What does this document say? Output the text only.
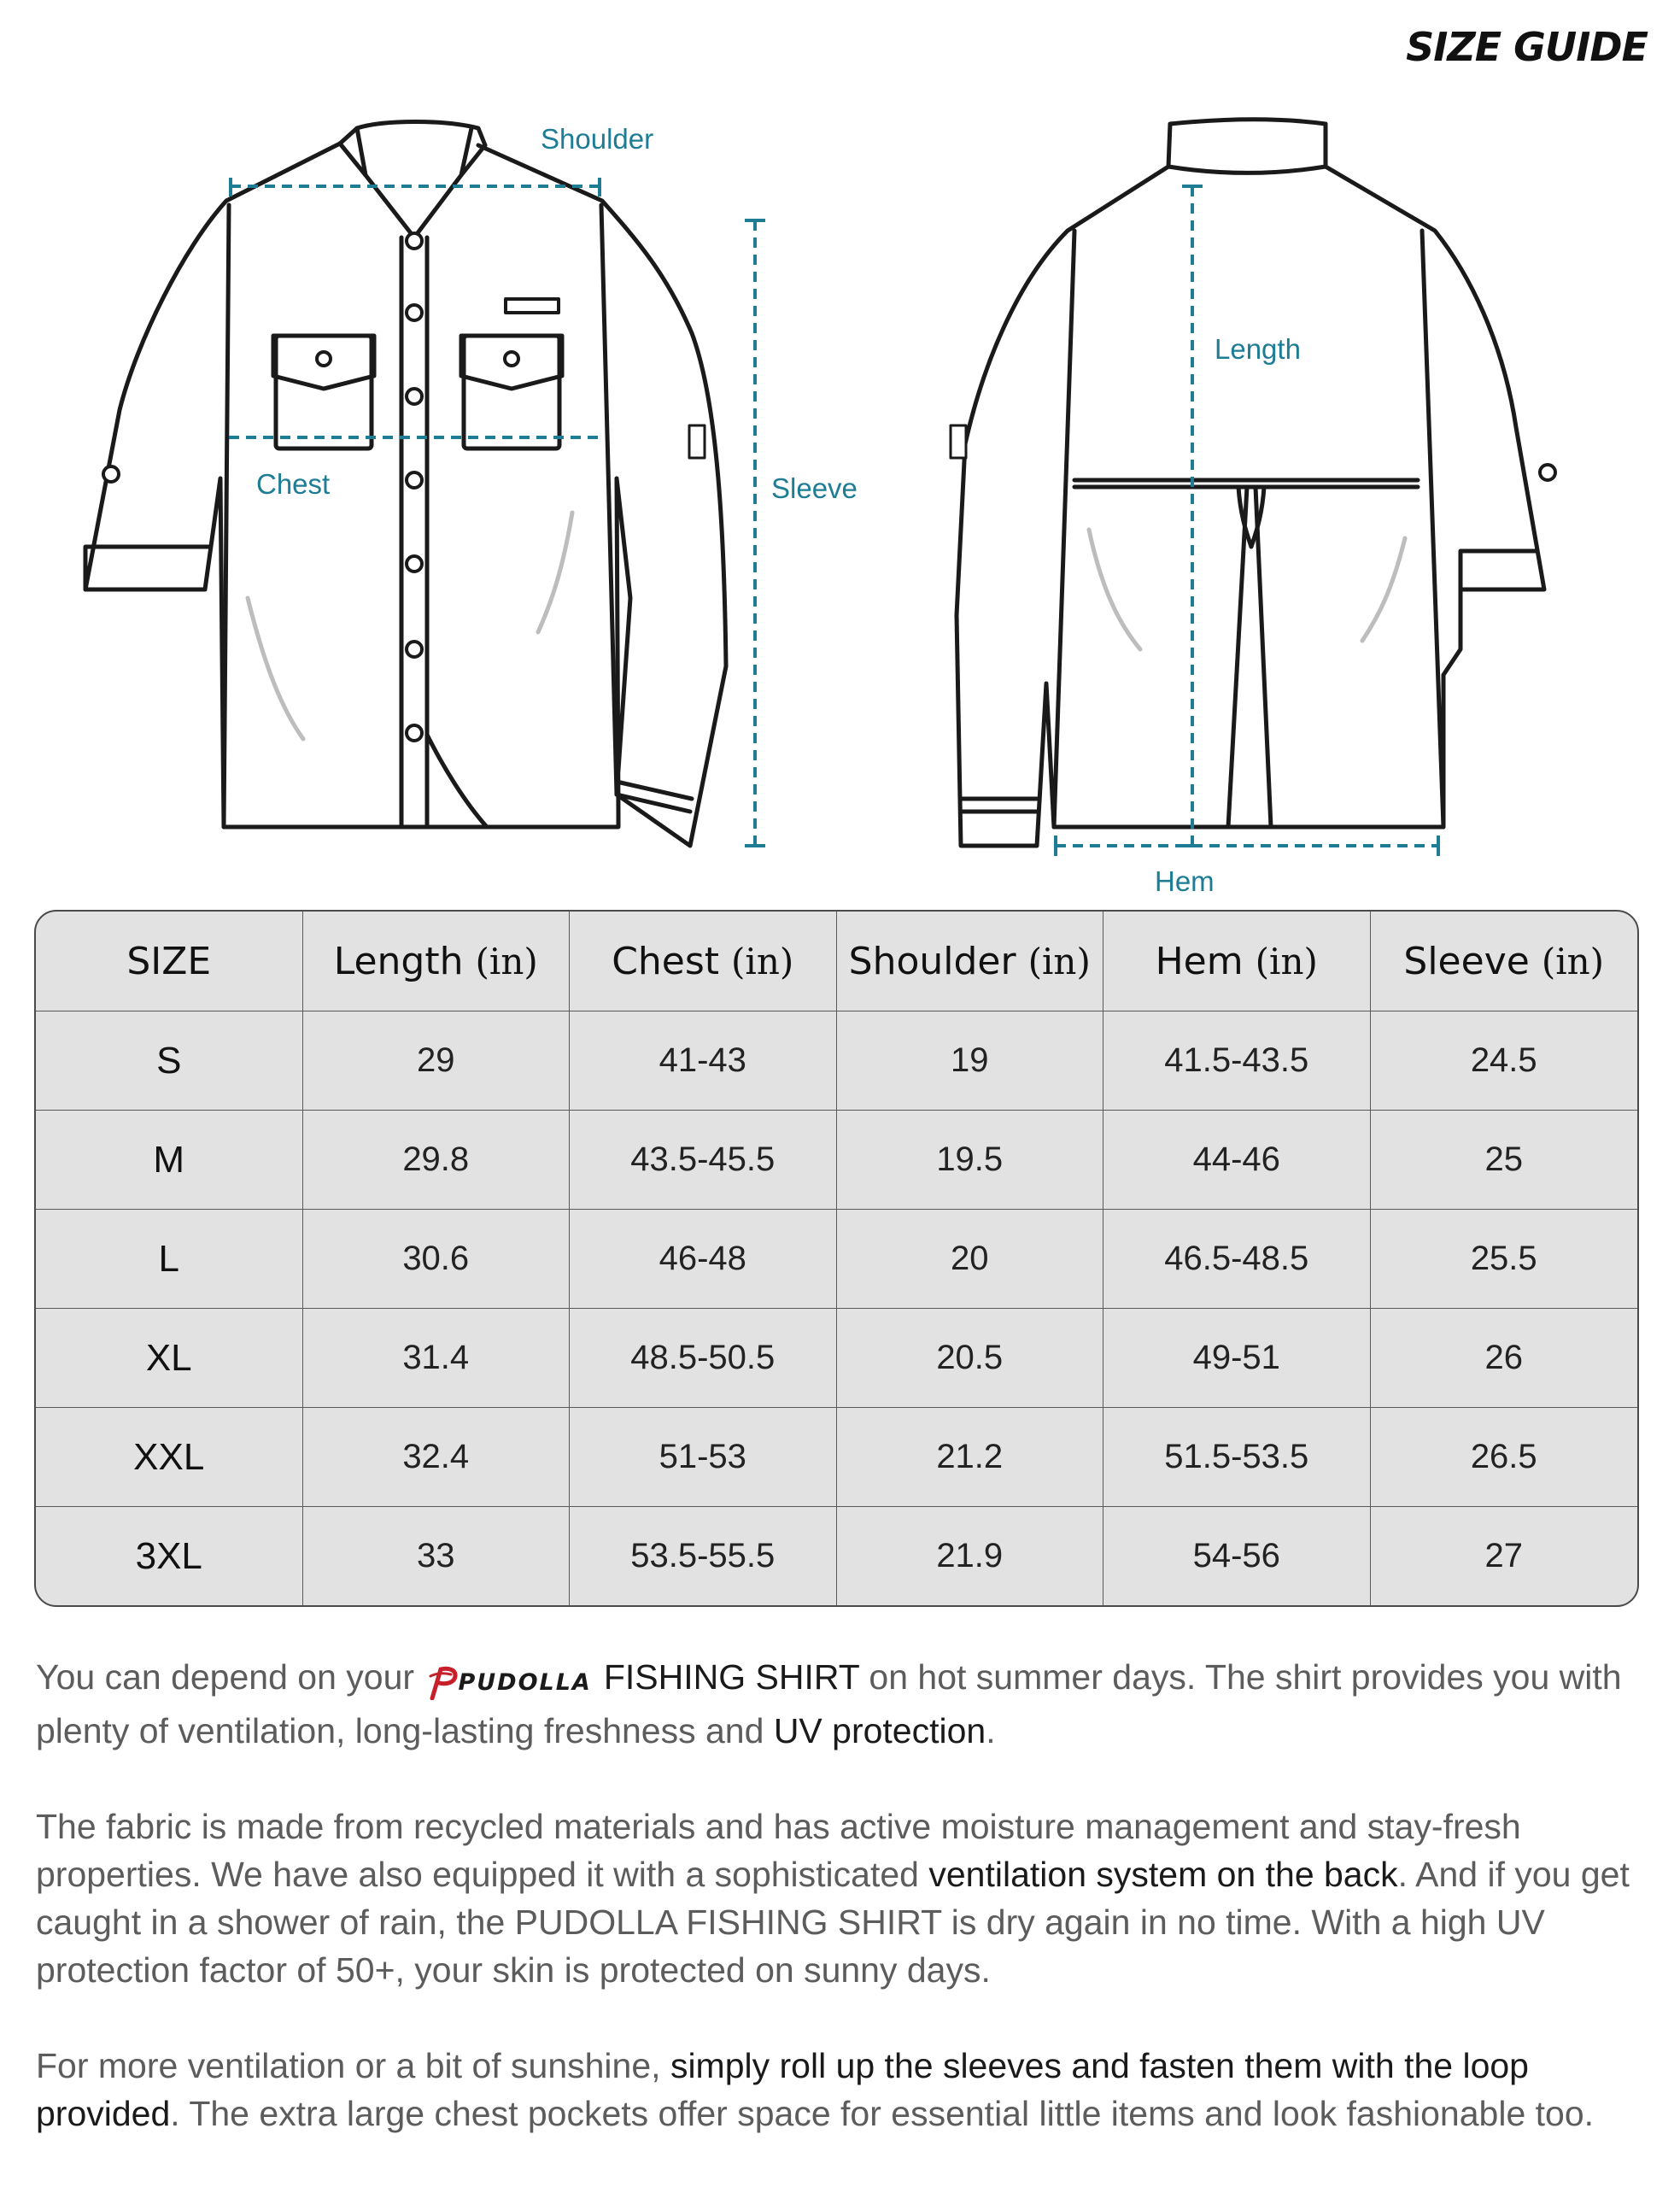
SIZE GUIDE
Shoulder
Chest	Sleeve
Length
Hem
SIZE	Length (in)	Chest (in)	Shoulder (in)	Hem (in)	Sleeve (in)
S	29	41-43	19	41.5-43.5	24.5
M	29.8	43.5-45.5	19.5	44-46	25
L	30.6	46-48	20	46.5-48.5	25.5
XL	31.4	48.5-50.5	20.5	49-51	26
XXL	32.4	51-53	21.2	51.5-53.5	26.5
3XL	33	53.5-55.5	21.9	54-56	27

You can depend on your PUDOLLA FISHING SHIRT on hot summer days. The shirt provides you with plenty of ventilation, long-lasting freshness and UV protection.

The fabric is made from recycled materials and has active moisture management and stay-fresh properties. We have also equipped it with a sophisticated ventilation system on the back. And if you get caught in a shower of rain, the PUDOLLA FISHING SHIRT is dry again in no time. With a high UV protection factor of 50+, your skin is protected on sunny days.

For more ventilation or a bit of sunshine, simply roll up the sleeves and fasten them with the loop provided. The extra large chest pockets offer space for essential little items and look fashionable too.
